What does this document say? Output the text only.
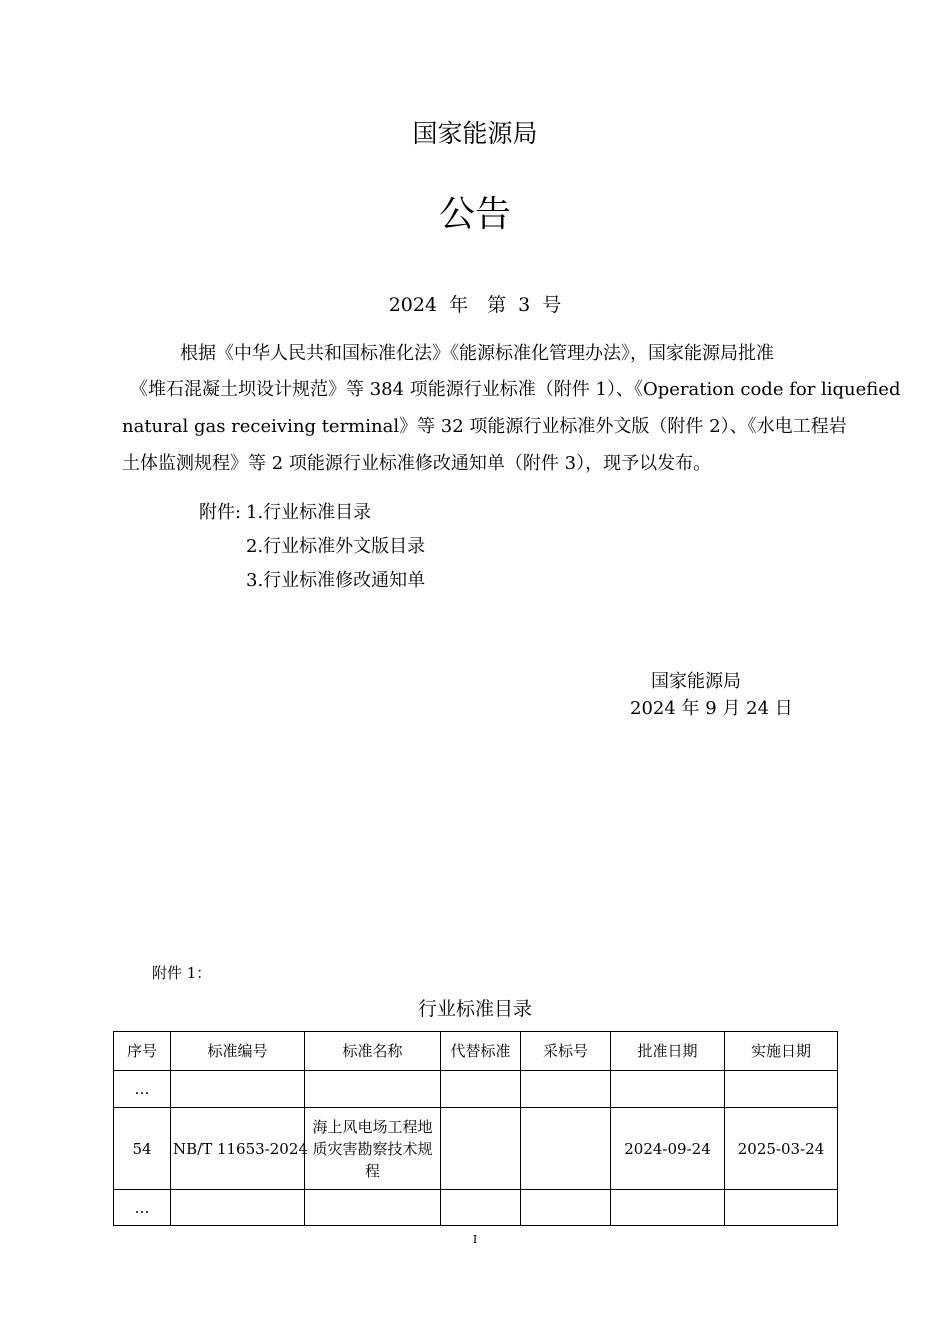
国家能源局
公告
2024 年　第 3 号
根据《中华人民共和国标准化法》《能源标准化管理办法》，国家能源局批准
《堆石混凝土坝设计规范》等 384 项能源行业标准（附件 1）、《Operation code for liquefied
natural gas receiving terminal》等 32 项能源行业标准外文版（附件 2）、《水电工程岩
土体监测规程》等 2 项能源行业标准修改通知单（附件 3），现予以发布。
附件: 1.行业标准目录
2.行业标准外文版目录
3.行业标准修改通知单
国家能源局
2024 年 9 月 24 日
附件 1：
行业标准目录
序号	标准编号	标准名称	代替标准	采标号	批准日期	实施日期
…						
54	NB/T 11653-2024	海上风电场工程地质灾害勘察技术规程			2024-09-24	2025-03-24
…						
I
